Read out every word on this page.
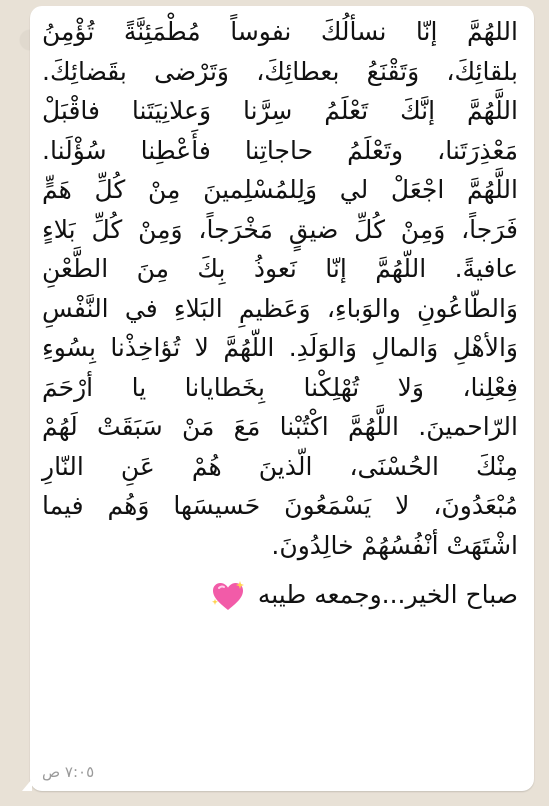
اللهُمَّ إنّا نسألُكَ نفوساً مُطْمَئِنَّةً تُؤْمِنُ
بلقائِكَ، وَتَقْنَعُ بعطائِكَ، وَتَرْضى بقَضائِكَ.
اللَّهُمَّ إنَّكَ تَعْلَمُ سِرَّنا وَعلانِيَتَنا فاقْبَلْ
مَعْذِرَتَنا، وتَعْلَمُ حاجاتِنا فأَعْطِنا سُؤْلَنا.
اللَّهُمَّ اجْعَلْ لي وَلِلمُسْلِمينَ مِنْ كُلِّ هَمٍّ
فَرَجاً، وَمِنْ كُلِّ ضيقٍ مَخْرَجاً، وَمِنْ كُلِّ بَلاءٍ
عافيةً. اللّهُمَّ إنّا نَعوذُ بِكَ مِنَ الطَّعْنِ
وَالطّاعُونِ والوَباءِ، وَعَظيمِ البَلاءِ في النَّفْسِ
وَالأهْلِ وَالمالِ وَالوَلَدِ. اللّهُمَّ لا تُؤاخِذْنا بِسُوءِ
فِعْلِنا، وَلا تُهْلِكْنا بِخَطايانا يا أرْحَمَ
الرّاحمينَ. اللَّهُمَّ اكْتُبْنا مَعَ مَنْ سَبَقَتْ لَهُمْ
مِنْكَ الحُسْنَى، الّذينَ هُمْ عَنِ النّارِ
مُبْعَدُونَ، لا يَسْمَعُونَ حَسيسَها وَهُم فيما
اشْتَهَتْ أنْفُسُهُمْ خالِدُونَ.
صباح الخير...وجمعه طيبه
٧:٠٥ ص
